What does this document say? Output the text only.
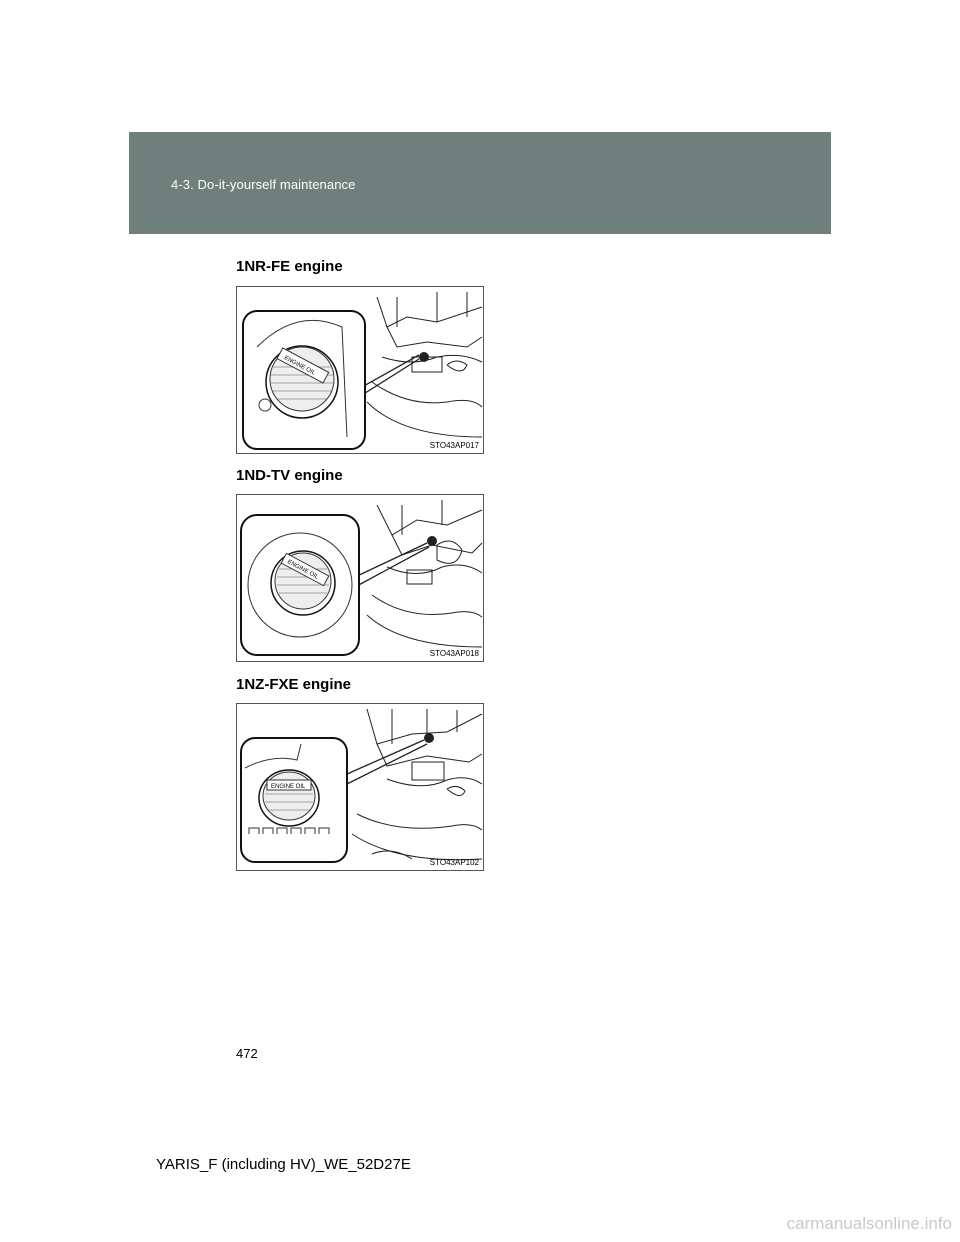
4-3. Do-it-yourself maintenance
1NR-FE engine
ENGINE OIL
STO43AP017
1ND-TV engine
ENGINE OIL
STO43AP018
1NZ-FXE engine
ENGINE OIL
STO43AP102
472
YARIS_F (including HV)_WE_52D27E
carmanualsonline.info
